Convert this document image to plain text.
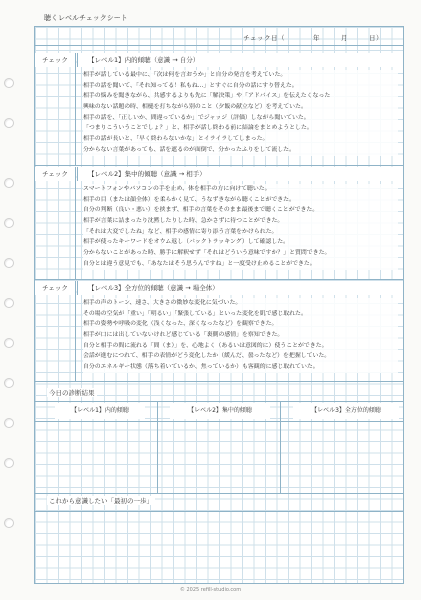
聴くレベルチェックシート
チェック日（　　　　年　　　月　　　日）
チェック	【レベル1】内的傾聴（意識 → 自分）
相手が話している最中に、「次は何を言おうか」と自分の発言を考えていた。
相手の話を聞いて、「それ知ってる！私もね...」とすぐに自分の話にすり替えた。
相手の悩みを聞きながら、共感するよりも先に「解決策」や「アドバイス」を伝えたくなった
興味のない話題の時、相槌を打ちながら別のこと（夕飯の献立など）を考えていた。
相手の話を、「正しいか、間違っているか」でジャッジ（評価）しながら聞いていた。
「つまりこういうことでしょ？」と、相手が話し終わる前に結論をまとめようとした。
相手の話が長いと、「早く終わらないかな」とイライラしてしまった。
分からない言葉があっても、話を遮るのが面倒で、分かったふりをして流した。
チェック	【レベル2】集中的傾聴（意識 → 相手）
スマートフォンやパソコンの手を止め、体を相手の方に向けて聴いた。
相手の目（または顔全体）を柔らかく見て、うなずきながら聴くことができた。
自分の判断（良い・悪い）を挟まず、相手の言葉をそのまま最後まで聴くことができた。
相手が言葉に詰まったり沈黙したりした時、急かさずに待つことができた。
「それは大変でしたね」など、相手の感情に寄り添う言葉をかけられた。
相手が使ったキーワードをオウム返し（バックトラッキング）して確認した。
分からないことがあった時、勝手に解釈せず「それはどういう意味ですか？」と質問できた。
自分とは違う意見でも、「あなたはそう思うんですね」と一度受け止めることができた。
チェック	【レベル3】全方位的傾聴（意識 → 場全体）
相手の声のトーン、速さ、大きさの微妙な変化に気づいた。
その場の空気が「重い」「明るい」「緊張している」といった変化を肌で感じ取れた。
相手の姿勢や呼吸の変化（浅くなった、深くなったなど）を観察できた。
相手が口には出していないけれど感じている「裏側の感情」を察知できた。
自分と相手の間に流れる「間（ま）」を、心地よく（あるいは意図的に）使うことができた。
会話が進むにつれて、相手の表情がどう変化したか（緩んだ、曇ったなど）を把握していた。
自分のエネルギー状態（落ち着いているか、焦っているか）も客観的に感じ取れていた。
今日の診断結果
【レベル1】内的傾聴	【レベル2】集中的傾聴	【レベル3】全方位的傾聴
これから意識したい「最初の一歩」
© 2025 refill-studio.com
